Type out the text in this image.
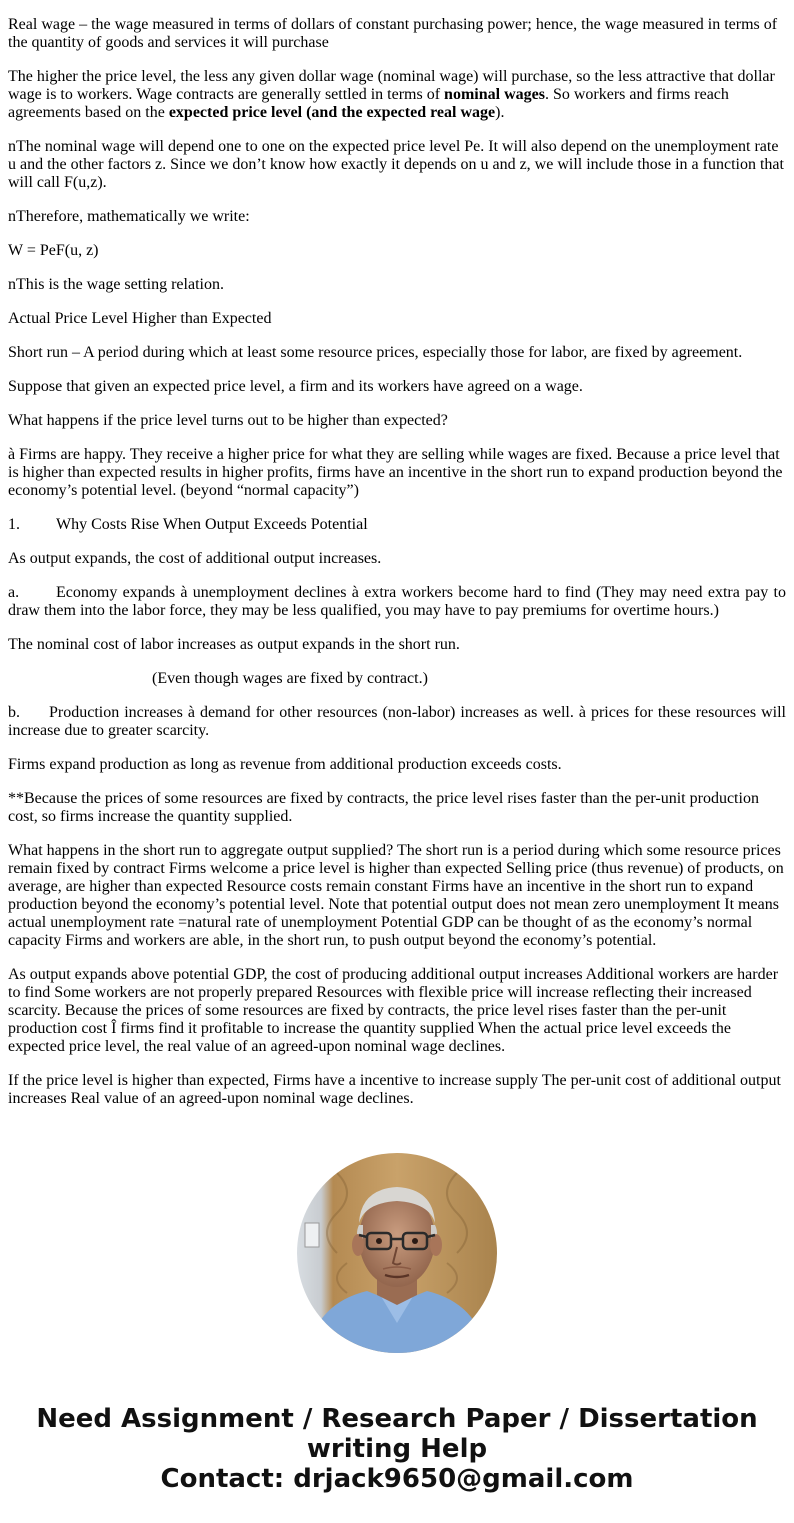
Real wage – the wage measured in terms of dollars of constant purchasing power; hence, the wage measured in terms of the quantity of goods and services it will purchase

The higher the price level, the less any given dollar wage (nominal wage) will purchase, so the less attractive that dollar wage is to workers. Wage contracts are generally settled in terms of nominal wages. So workers and firms reach agreements based on the expected price level (and the expected real wage).

nThe nominal wage will depend one to one on the expected price level Pe. It will also depend on the unemployment rate u and the other factors z. Since we don’t know how exactly it depends on u and z, we will include those in a function that will call F(u,z).

nTherefore, mathematically we write:

W = PeF(u, z)

nThis is the wage setting relation.

Actual Price Level Higher than Expected

Short run – A period during which at least some resource prices, especially those for labor, are fixed by agreement.

Suppose that given an expected price level, a firm and its workers have agreed on a wage.

What happens if the price level turns out to be higher than expected?

à Firms are happy. They receive a higher price for what they are selling while wages are fixed. Because a price level that is higher than expected results in higher profits, firms have an incentive in the short run to expand production beyond the economy’s potential level. (beyond “normal capacity”)

1. Why Costs Rise When Output Exceeds Potential

As output expands, the cost of additional output increases.

a. Economy expands à unemployment declines à extra workers become hard to find (They may need extra pay to draw them into the labor force, they may be less qualified, you may have to pay premiums for overtime hours.)

The nominal cost of labor increases as output expands in the short run.

(Even though wages are fixed by contract.)

b. Production increases à demand for other resources (non-labor) increases as well. à prices for these resources will increase due to greater scarcity.

Firms expand production as long as revenue from additional production exceeds costs.

**Because the prices of some resources are fixed by contracts, the price level rises faster than the per-unit production cost, so firms increase the quantity supplied.

What happens in the short run to aggregate output supplied? The short run is a period during which some resource prices remain fixed by contract Firms welcome a price level is higher than expected Selling price (thus revenue) of products, on average, are higher than expected Resource costs remain constant Firms have an incentive in the short run to expand production beyond the economy’s potential level. Note that potential output does not mean zero unemployment It means actual unemployment rate =natural rate of unemployment Potential GDP can be thought of as the economy’s normal capacity Firms and workers are able, in the short run, to push output beyond the economy’s potential.

As output expands above potential GDP, the cost of producing additional output increases Additional workers are harder to find Some workers are not properly prepared Resources with flexible price will increase reflecting their increased scarcity. Because the prices of some resources are fixed by contracts, the price level rises faster than the per-unit production cost Î firms find it profitable to increase the quantity supplied When the actual price level exceeds the expected price level, the real value of an agreed-upon nominal wage declines.

If the price level is higher than expected, Firms have a incentive to increase supply The per-unit cost of additional output increases Real value of an agreed-upon nominal wage declines.

Need Assignment / Research Paper / Dissertation writing Help
Contact: drjack9650@gmail.com
